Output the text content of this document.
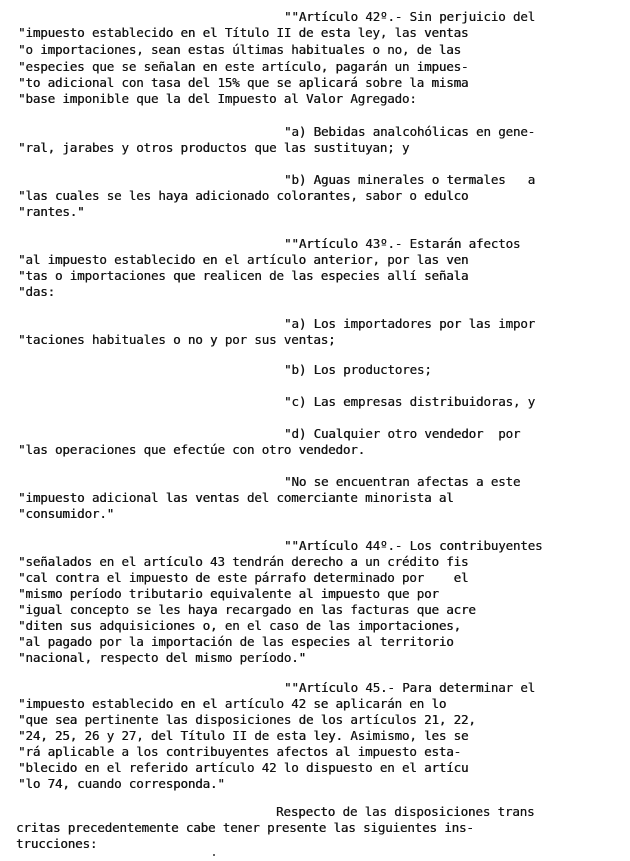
""Artículo 42º.- Sin perjuicio del
"impuesto establecido en el Título II de esta ley, las ventas
"o importaciones, sean estas últimas habituales o no, de las
"especies que se señalan en este artículo, pagarán un impues-
"to adicional con tasa del 15% que se aplicará sobre la misma
"base imponible que la del Impuesto al Valor Agregado:
"a) Bebidas analcohólicas en gene-
"ral, jarabes y otros productos que las sustituyan; y
"b) Aguas minerales o termales   a
"las cuales se les haya adicionado colorantes, sabor o edulco
"rantes."
""Artículo 43º.- Estarán afectos
"al impuesto establecido en el artículo anterior, por las ven
"tas o importaciones que realicen de las especies allí señala
"das:
"a) Los importadores por las impor
"taciones habituales o no y por sus ventas;
"b) Los productores;
"c) Las empresas distribuidoras, y
"d) Cualquier otro vendedor  por
"las operaciones que efectúe con otro vendedor.
"No se encuentran afectas a este
"impuesto adicional las ventas del comerciante minorista al
"consumidor."
""Artículo 44º.- Los contribuyentes
"señalados en el artículo 43 tendrán derecho a un crédito fis
"cal contra el impuesto de este párrafo determinado por    el
"mismo período tributario equivalente al impuesto que por
"igual concepto se les haya recargado en las facturas que acre
"diten sus adquisiciones o, en el caso de las importaciones,
"al pagado por la importación de las especies al territorio
"nacional, respecto del mismo período."
""Artículo 45.- Para determinar el
"impuesto establecido en el artículo 42 se aplicarán en lo
"que sea pertinente las disposiciones de los artículos 21, 22,
"24, 25, 26 y 27, del Título II de esta ley. Asimismo, les se
"rá aplicable a los contribuyentes afectos al impuesto esta-
"blecido en el referido artículo 42 lo dispuesto en el artícu
"lo 74, cuando corresponda."
Respecto de las disposiciones trans
critas precedentemente cabe tener presente las siguientes ins-
trucciones:
